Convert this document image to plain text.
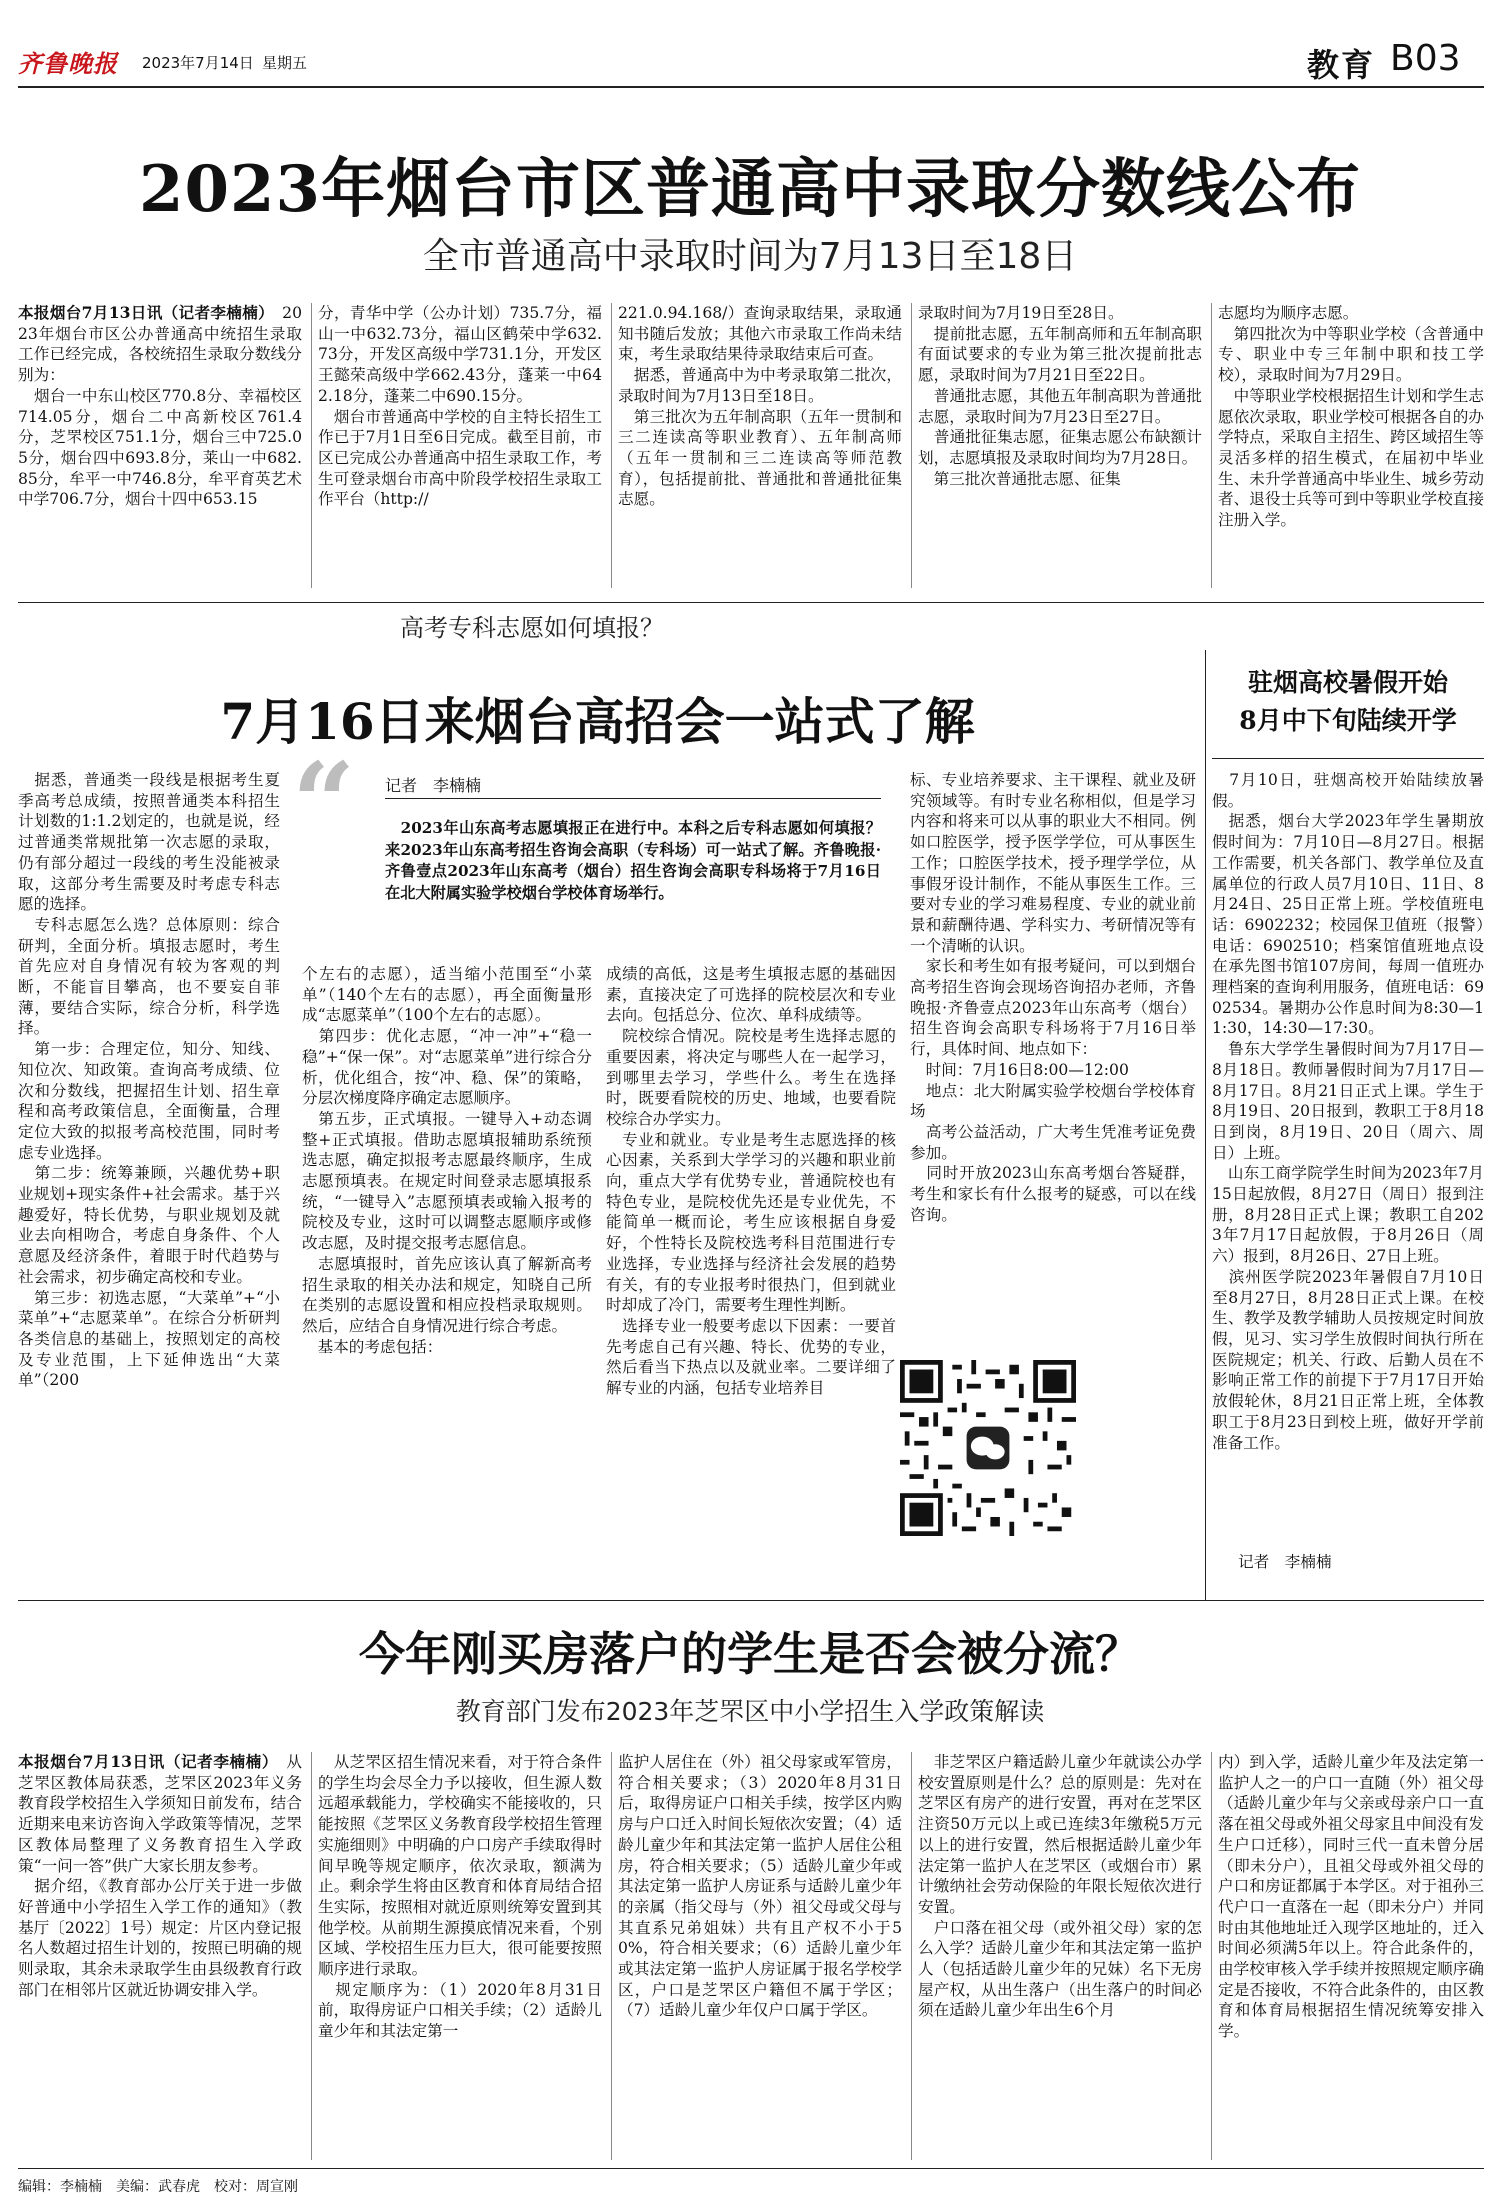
齐鲁晚报 2023年7月14日 星期五	教育 B03
2023年烟台市区普通高中录取分数线公布
全市普通高中录取时间为7月13日至18日
本报烟台7月13日讯（记者李楠楠）　2023年烟台市区公办普通高中统招生录取工作已经完成，各校统招生录取分数线分别为：
　烟台一中东山校区770.8分、幸福校区714.05分，烟台二中高新校区761.4分，芝罘校区751.1分，烟台三中725.05分，烟台四中693.8分，莱山一中682.85分，牟平一中746.8分，牟平育英艺术中学706.7分，烟台十四中653.15
分，青华中学（公办计划）735.7分，福山一中632.73分，福山区鹤荣中学632.73分，开发区高级中学731.1分，开发区王懿荣高级中学662.43分，蓬莱一中642.18分，蓬莱二中690.15分。
　烟台市普通高中学校的自主特长招生工作已于7月1日至6日完成。截至目前，市区已完成公办普通高中招生录取工作，考生可登录烟台市高中阶段学校招生录取工作平台（http://
221.0.94.168/）查询录取结果，录取通知书随后发放；其他六市录取工作尚未结束，考生录取结果待录取结束后可查。
　据悉，普通高中为中考录取第二批次，录取时间为7月13日至18日。
　第三批次为五年制高职（五年一贯制和三二连读高等职业教育）、五年制高师（五年一贯制和三二连读高等师范教育），包括提前批、普通批和普通批征集志愿。
录取时间为7月19日至28日。
　提前批志愿，五年制高师和五年制高职有面试要求的专业为第三批次提前批志愿，录取时间为7月21日至22日。
　普通批志愿，其他五年制高职为普通批志愿，录取时间为7月23日至27日。
　普通批征集志愿，征集志愿公布缺额计划，志愿填报及录取时间均为7月28日。
　第三批次普通批志愿、征集
志愿均为顺序志愿。
　第四批次为中等职业学校（含普通中专、职业中专三年制中职和技工学校），录取时间为7月29日。
　中等职业学校根据招生计划和学生志愿依次录取，职业学校可根据各自的办学特点，采取自主招生、跨区域招生等灵活多样的招生模式，在届初中毕业生、未升学普通高中毕业生、城乡劳动者、退役士兵等可到中等职业学校直接注册入学。
高考专科志愿如何填报？
7月16日来烟台高招会一站式了解
　据悉，普通类一段线是根据考生夏季高考总成绩，按照普通类本科招生计划数的1:1.2划定的，也就是说，经过普通类常规批第一次志愿的录取，仍有部分超过一段线的考生没能被录取，这部分考生需要及时考虑专科志愿的选择。
　专科志愿怎么选？总体原则：综合研判，全面分析。填报志愿时，考生首先应对自身情况有较为客观的判断，不能盲目攀高，也不要妄自菲薄，要结合实际，综合分析，科学选择。
　第一步：合理定位，知分、知线、知位次、知政策。查询高考成绩、位次和分数线，把握招生计划、招生章程和高考政策信息，全面衡量，合理定位大致的拟报考高校范围，同时考虑专业选择。
　第二步：统筹兼顾，兴趣优势+职业规划+现实条件+社会需求。基于兴趣爱好，特长优势，与职业规划及就业去向相吻合，考虑自身条件、个人意愿及经济条件，着眼于时代趋势与社会需求，初步确定高校和专业。
　第三步：初选志愿，“大菜单”+“小菜单”+“志愿菜单”。在综合分析研判各类信息的基础上，按照划定的高校及专业范围，上下延伸选出“大菜单”（200
“ 记者　李楠楠
　2023年山东高考志愿填报正在进行中。本科之后专科志愿如何填报？来2023年山东高考招生咨询会高职（专科场）可一站式了解。齐鲁晚报·齐鲁壹点2023年山东高考（烟台）招生咨询会高职专科场将于7月16日在北大附属实验学校烟台学校体育场举行。
个左右的志愿），适当缩小范围至“小菜单”（140个左右的志愿），再全面衡量形成“志愿菜单”（100个左右的志愿）。
　第四步：优化志愿，“冲一冲”+“稳一稳”+“保一保”。对“志愿菜单”进行综合分析，优化组合，按“冲、稳、保”的策略，分层次梯度降序确定志愿顺序。
　第五步，正式填报。一键导入+动态调整+正式填报。借助志愿填报辅助系统预选志愿，确定拟报考志愿最终顺序，生成志愿预填表。在规定时间登录志愿填报系统，“一键导入”志愿预填表或输入报考的院校及专业，这时可以调整志愿顺序或修改志愿，及时提交报考志愿信息。
　志愿填报时，首先应该认真了解新高考招生录取的相关办法和规定，知晓自己所在类别的志愿设置和相应投档录取规则。然后，应结合自身情况进行综合考虑。
　基本的考虑包括：
成绩的高低，这是考生填报志愿的基础因素，直接决定了可选择的院校层次和专业去向。包括总分、位次、单科成绩等。
　院校综合情况。院校是考生选择志愿的重要因素，将决定与哪些人在一起学习，到哪里去学习，学些什么。考生在选择时，既要看院校的历史、地域，也要看院校综合办学实力。
　专业和就业。专业是考生志愿选择的核心因素，关系到大学学习的兴趣和职业前向，重点大学有优势专业，普通院校也有特色专业，是院校优先还是专业优先，不能简单一概而论，考生应该根据自身爱好，个性特长及院校选考科目范围进行专业选择，专业选择与经济社会发展的趋势有关，有的专业报考时很热门，但到就业时却成了冷门，需要考生理性判断。
　选择专业一般要考虑以下因素：一要首先考虑自己有兴趣、特长、优势的专业，然后看当下热点以及就业率。二要详细了解专业的内涵，包括专业培养目
标、专业培养要求、主干课程、就业及研究领域等。有时专业名称相似，但是学习内容和将来可以从事的职业大不相同。例如口腔医学，授予医学学位，可从事医生工作；口腔医学技术，授予理学学位，从事假牙设计制作，不能从事医生工作。三要对专业的学习难易程度、专业的就业前景和薪酬待遇、学科实力、考研情况等有一个清晰的认识。
　家长和考生如有报考疑问，可以到烟台高考招生咨询会现场咨询招办老师，齐鲁晚报·齐鲁壹点2023年山东高考（烟台）招生咨询会高职专科场将于7月16日举行，具体时间、地点如下：
　时间：7月16日8:00—12:00
　地点：北大附属实验学校烟台学校体育场
　高考公益活动，广大考生凭准考证免费参加。
　同时开放2023山东高考烟台答疑群，考生和家长有什么报考的疑惑，可以在线咨询。
驻烟高校暑假开始
8月中下旬陆续开学
　7月10日，驻烟高校开始陆续放暑假。
　据悉，烟台大学2023年学生暑期放假时间为：7月10日—8月27日。根据工作需要，机关各部门、教学单位及直属单位的行政人员7月10日、11日、8月24日、25日正常上班。学校值班电话：6902232；校园保卫值班（报警）电话：6902510；档案馆值班地点设在承先图书馆107房间，每周一值班办理档案的查询利用服务，值班电话：6902534。暑期办公作息时间为8:30—11:30，14:30—17:30。
　鲁东大学学生暑假时间为7月17日—8月18日。教师暑假时间为7月17日—8月17日。8月21日正式上课。学生于8月19日、20日报到，教职工于8月18日到岗，8月19日、20日（周六、周日）上班。
　山东工商学院学生时间为2023年7月15日起放假，8月27日（周日）报到注册，8月28日正式上课；教职工自2023年7月17日起放假，于8月26日（周六）报到，8月26日、27日上班。
　滨州医学院2023年暑假自7月10日至8月27日，8月28日正式上课。在校生、教学及教学辅助人员按规定时间放假，见习、实习学生放假时间执行所在医院规定；机关、行政、后勤人员在不影响正常工作的前提下于7月17日开始放假轮休，8月21日正常上班，全体教职工于8月23日到校上班，做好开学前准备工作。
记者　李楠楠
今年刚买房落户的学生是否会被分流？
教育部门发布2023年芝罘区中小学招生入学政策解读
本报烟台7月13日讯（记者李楠楠）　从芝罘区教体局获悉，芝罘区2023年义务教育段学校招生入学须知日前发布，结合近期来电来访咨询入学政策等情况，芝罘区教体局整理了义务教育招生入学政策“一问一答”供广大家长朋友参考。
　据介绍，《教育部办公厅关于进一步做好普通中小学招生入学工作的通知》（教基厅〔2022〕1号）规定：片区内登记报名人数超过招生计划的，按照已明确的规则录取，其余未录取学生由县级教育行政部门在相邻片区就近协调安排入学。
　从芝罘区招生情况来看，对于符合条件的学生均会尽全力予以接收，但生源人数远超承载能力，学校确实不能接收的，只能按照《芝罘区义务教育段学校招生管理实施细则》中明确的户口房产手续取得时间早晚等规定顺序，依次录取，额满为止。剩余学生将由区教育和体育局结合招生实际，按照相对就近原则统筹安置到其他学校。从前期生源摸底情况来看，个别区域、学校招生压力巨大，很可能要按照顺序进行录取。
　规定顺序为：（1）2020年8月31日前，取得房证户口相关手续；（2）适龄儿童少年和其法定第一
监护人居住在（外）祖父母家或军管房，符合相关要求；（3）2020年8月31日后，取得房证户口相关手续，按学区内购房与户口迁入时间长短依次安置；（4）适龄儿童少年和其法定第一监护人居住公租房，符合相关要求；（5）适龄儿童少年或其法定第一监护人房证系与适龄儿童少年的亲属（指父母与（外）祖父母或父母与其直系兄弟姐妹）共有且产权不小于50%，符合相关要求；（6）适龄儿童少年或其法定第一监护人房证属于报名学校学区，户口是芝罘区户籍但不属于学区；（7）适龄儿童少年仅户口属于学区。
　非芝罘区户籍适龄儿童少年就读公办学校安置原则是什么？总的原则是：先对在芝罘区有房产的进行安置，再对在芝罘区注资50万元以上或已连续3年缴税5万元以上的进行安置，然后根据适龄儿童少年法定第一监护人在芝罘区（或烟台市）累计缴纳社会劳动保险的年限长短依次进行安置。
　户口落在祖父母（或外祖父母）家的怎么入学？适龄儿童少年和其法定第一监护人（包括适龄儿童少年的兄妹）名下无房屋产权，从出生落户（出生落户的时间必须在适龄儿童少年出生6个月
内）到入学，适龄儿童少年及法定第一监护人之一的户口一直随（外）祖父母（适龄儿童少年与父亲或母亲户口一直落在祖父母或外祖父母家且中间没有发生户口迁移），同时三代一直未曾分居（即未分户），且祖父母或外祖父母的户口和房证都属于本学区。对于祖孙三代户口一直落在一起（即未分户）并同时由其他地址迁入现学区地址的，迁入时间必须满5年以上。符合此条件的，由学校审核入学手续并按照规定顺序确定是否接收，不符合此条件的，由区教育和体育局根据招生情况统筹安排入学。
编辑：李楠楠　美编：武春虎　校对：周宣刚
